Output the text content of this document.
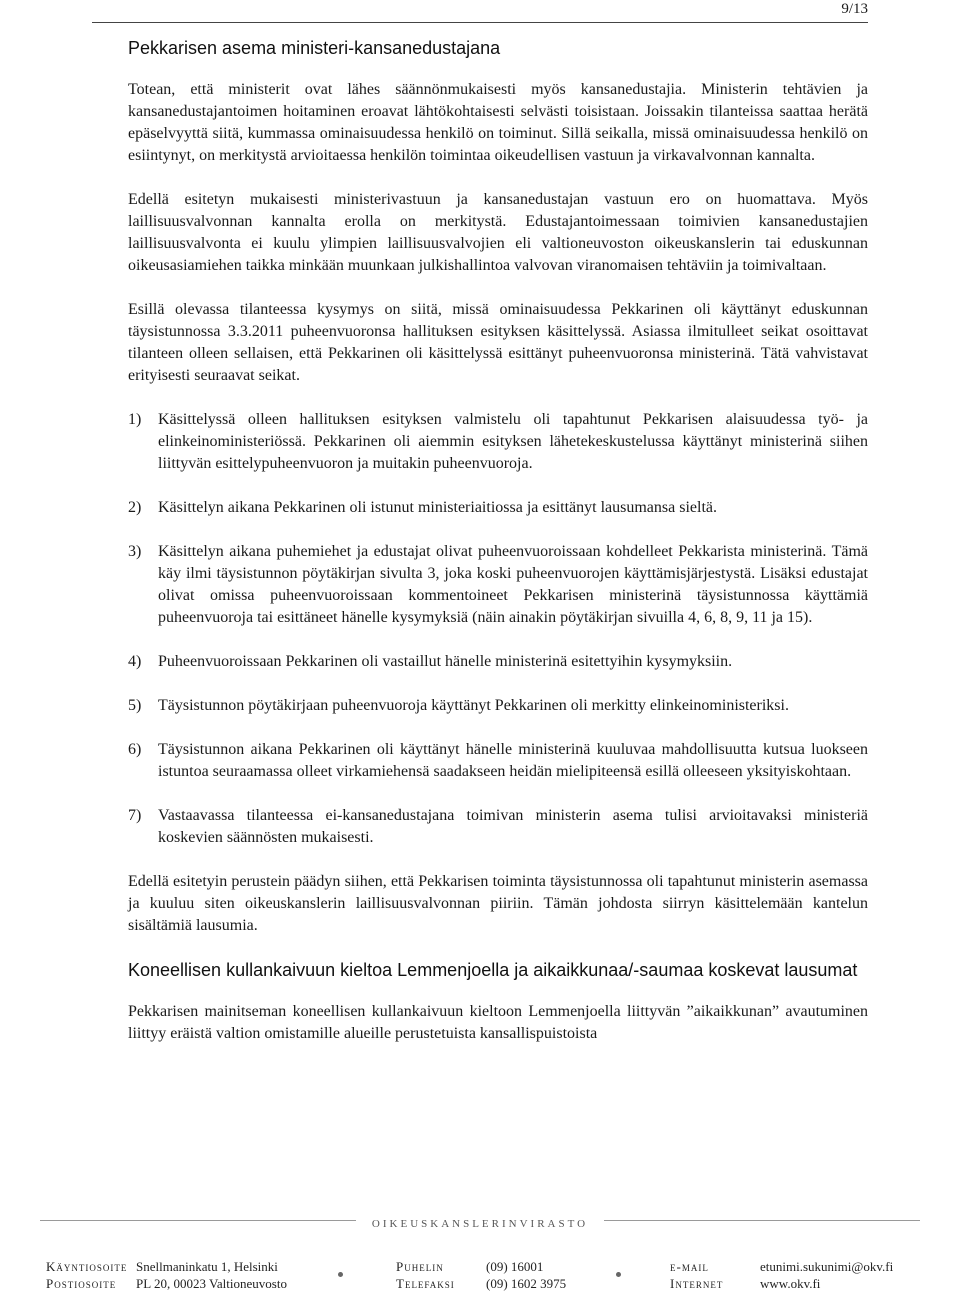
9/13
Pekkarisen asema ministeri-kansanedustajana

Totean, että ministerit ovat lähes säännönmukaisesti myös kansanedustajia. Ministerin tehtävien ja kansanedustajantoimen hoitaminen eroavat lähtökohtaisesti selvästi toisistaan. Joissakin tilanteissa saattaa herätä epäselvyyttä siitä, kummassa ominaisuudessa henkilö on toiminut. Sillä seikalla, missä ominaisuudessa henkilö on esiintynyt, on merkitystä arvioitaessa henkilön toimintaa oikeudellisen vastuun ja virkavalvonnan kannalta.

Edellä esitetyn mukaisesti ministerivastuun ja kansanedustajan vastuun ero on huomattava. Myös laillisuusvalvonnan kannalta erolla on merkitystä. Edustajantoimessaan toimivien kansanedustajien laillisuusvalvonta ei kuulu ylimpien laillisuusvalvojien eli valtioneuvoston oikeuskanslerin tai eduskunnan oikeusasiamiehen taikka minkään muunkaan julkishallintoa valvovan viranomaisen tehtäviin ja toimivaltaan.

Esillä olevassa tilanteessa kysymys on siitä, missä ominaisuudessa Pekkarinen oli käyttänyt eduskunnan täysistunnossa 3.3.2011 puheenvuoronsa hallituksen esityksen käsittelyssä. Asiassa ilmitulleet seikat osoittavat tilanteen olleen sellaisen, että Pekkarinen oli käsittelyssä esittänyt puheenvuoronsa ministerinä. Tätä vahvistavat erityisesti seuraavat seikat.

1) Käsittelyssä olleen hallituksen esityksen valmistelu oli tapahtunut Pekkarisen alaisuudessa työ- ja elinkeinoministeriössä. Pekkarinen oli aiemmin esityksen lähetekeskustelussa käyttänyt ministerinä siihen liittyvän esittelypuheenvuoron ja muitakin puheenvuoroja.
2) Käsittelyn aikana Pekkarinen oli istunut ministeriaitiossa ja esittänyt lausumansa sieltä.
3) Käsittelyn aikana puhemiehet ja edustajat olivat puheenvuoroissaan kohdelleet Pekkarista ministerinä. Tämä käy ilmi täysistunnon pöytäkirjan sivulta 3, joka koski puheenvuorojen käyttämisjärjestystä. Lisäksi edustajat olivat omissa puheenvuoroissaan kommentoineet Pekkarisen ministerinä täysistunnossa käyttämiä puheenvuoroja tai esittäneet hänelle kysymyksiä (näin ainakin pöytäkirjan sivuilla 4, 6, 8, 9, 11 ja 15).
4) Puheenvuoroissaan Pekkarinen oli vastaillut hänelle ministerinä esitettyihin kysymyksiin.
5) Täysistunnon pöytäkirjaan puheenvuoroja käyttänyt Pekkarinen oli merkitty elinkeinoministeriksi.
6) Täysistunnon aikana Pekkarinen oli käyttänyt hänelle ministerinä kuuluvaa mahdollisuutta kutsua luokseen istuntoa seuraamassa olleet virkamiehensä saadakseen heidän mielipiteensä esillä olleeseen yksityiskohtaan.
7) Vastaavassa tilanteessa ei-kansanedustajana toimivan ministerin asema tulisi arvioitavaksi ministeriä koskevien säännösten mukaisesti.

Edellä esitetyin perustein päädyn siihen, että Pekkarisen toiminta täysistunnossa oli tapahtunut ministerin asemassa ja kuuluu siten oikeuskanslerin laillisuusvalvonnan piiriin. Tämän johdosta siirryn käsittelemään kantelun sisältämiä lausumia.

Koneellisen kullankaivuun kieltoa Lemmenjoella ja aikaikkunaa/-saumaa koskevat lausumat

Pekkarisen mainitseman koneellisen kullankaivuun kieltoon Lemmenjoella liittyvän ”aikaikkunan” avautuminen liittyy eräistä valtion omistamille alueille perustetuista kansallispuistoista

OIKEUSKANSLERINVIRASTO
Käyntiosoite Snellmaninkatu 1, Helsinki
Postiosoite PL 20, 00023 Valtioneuvosto
Puhelin	(09) 16001
Telefaksi (09) 1602 3975
e-mail	etunimi.sukunimi@okv.fi
Internet	www.okv.fi
